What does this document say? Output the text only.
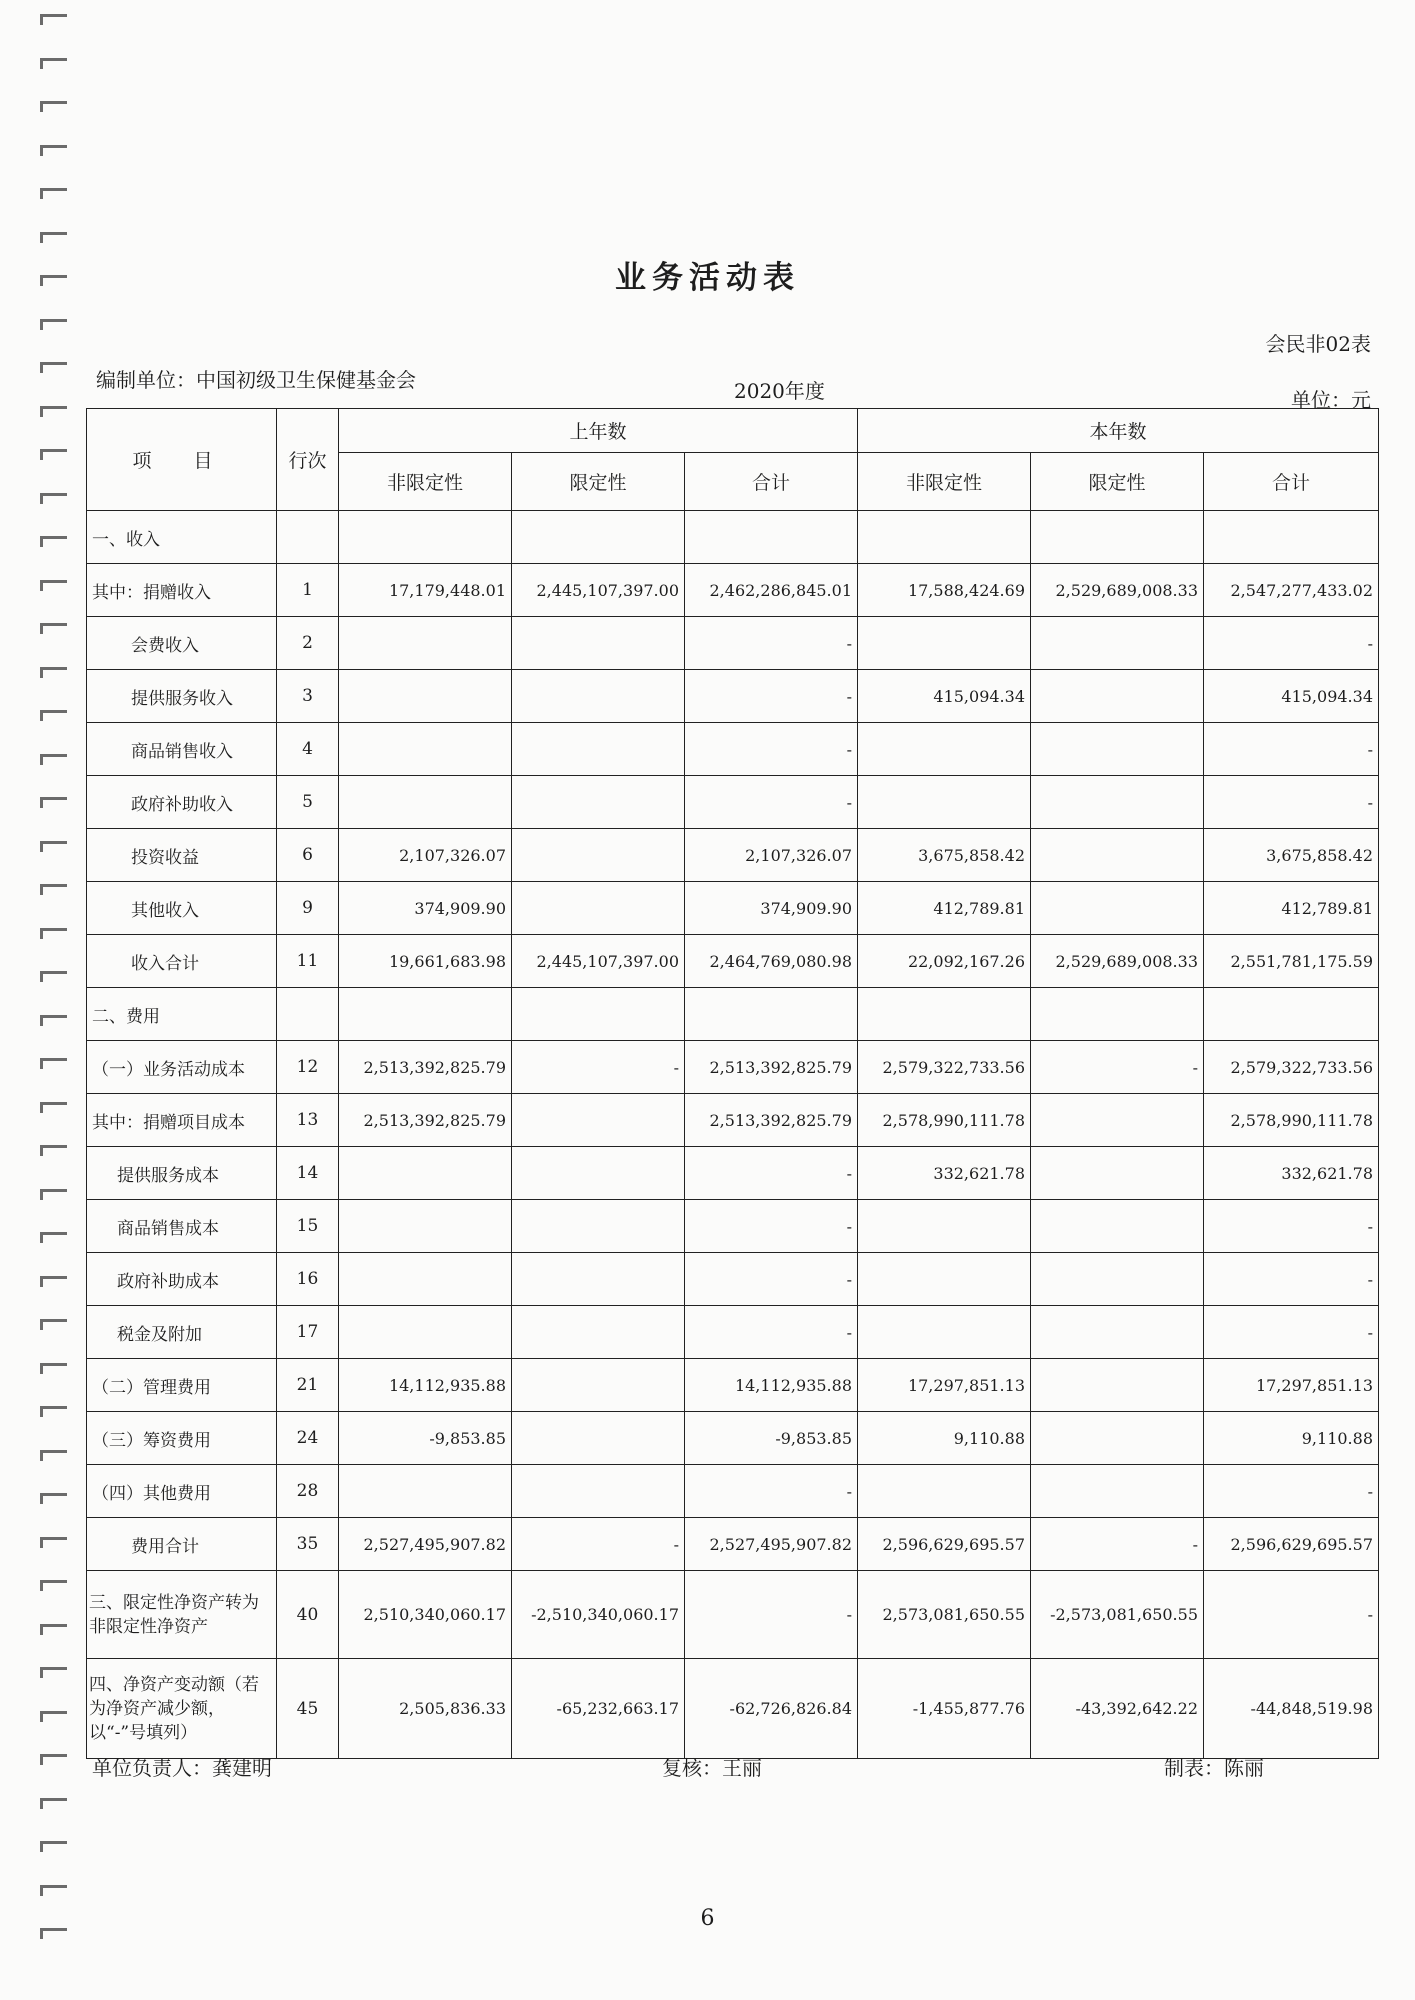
业务活动表
会民非02表
编制单位：中国初级卫生保健基金会	2020年度	单位：元
项 目	行次	上年数			本年数		
		非限定性	限定性	合计	非限定性	限定性	合计
一、收入							
其中：捐赠收入	1	17,179,448.01	2,445,107,397.00	2,462,286,845.01	17,588,424.69	2,529,689,008.33	2,547,277,433.02
会费收入	2			-			-
提供服务收入	3			-	415,094.34		415,094.34
商品销售收入	4			-			-
政府补助收入	5			-			-
投资收益	6	2,107,326.07		2,107,326.07	3,675,858.42		3,675,858.42
其他收入	9	374,909.90		374,909.90	412,789.81		412,789.81
收入合计	11	19,661,683.98	2,445,107,397.00	2,464,769,080.98	22,092,167.26	2,529,689,008.33	2,551,781,175.59
二、费用							
（一）业务活动成本	12	2,513,392,825.79	-	2,513,392,825.79	2,579,322,733.56	-	2,579,322,733.56
其中：捐赠项目成本	13	2,513,392,825.79		2,513,392,825.79	2,578,990,111.78		2,578,990,111.78
提供服务成本	14			-	332,621.78		332,621.78
商品销售成本	15			-			-
政府补助成本	16			-			-
税金及附加	17			-			-
（二）管理费用	21	14,112,935.88		14,112,935.88	17,297,851.13		17,297,851.13
（三）筹资费用	24	-9,853.85		-9,853.85	9,110.88		9,110.88
（四）其他费用	28			-			-
费用合计	35	2,527,495,907.82	-	2,527,495,907.82	2,596,629,695.57	-	2,596,629,695.57
三、限定性净资产转为非限定性净资产	40	2,510,340,060.17	-2,510,340,060.17	-	2,573,081,650.55	-2,573,081,650.55	-
四、净资产变动额（若为净资产减少额，以“-”号填列）	45	2,505,836.33	-65,232,663.17	-62,726,826.84	-1,455,877.76	-43,392,642.22	-44,848,519.98
单位负责人：龚建明	复核：王丽	制表：陈丽
6
